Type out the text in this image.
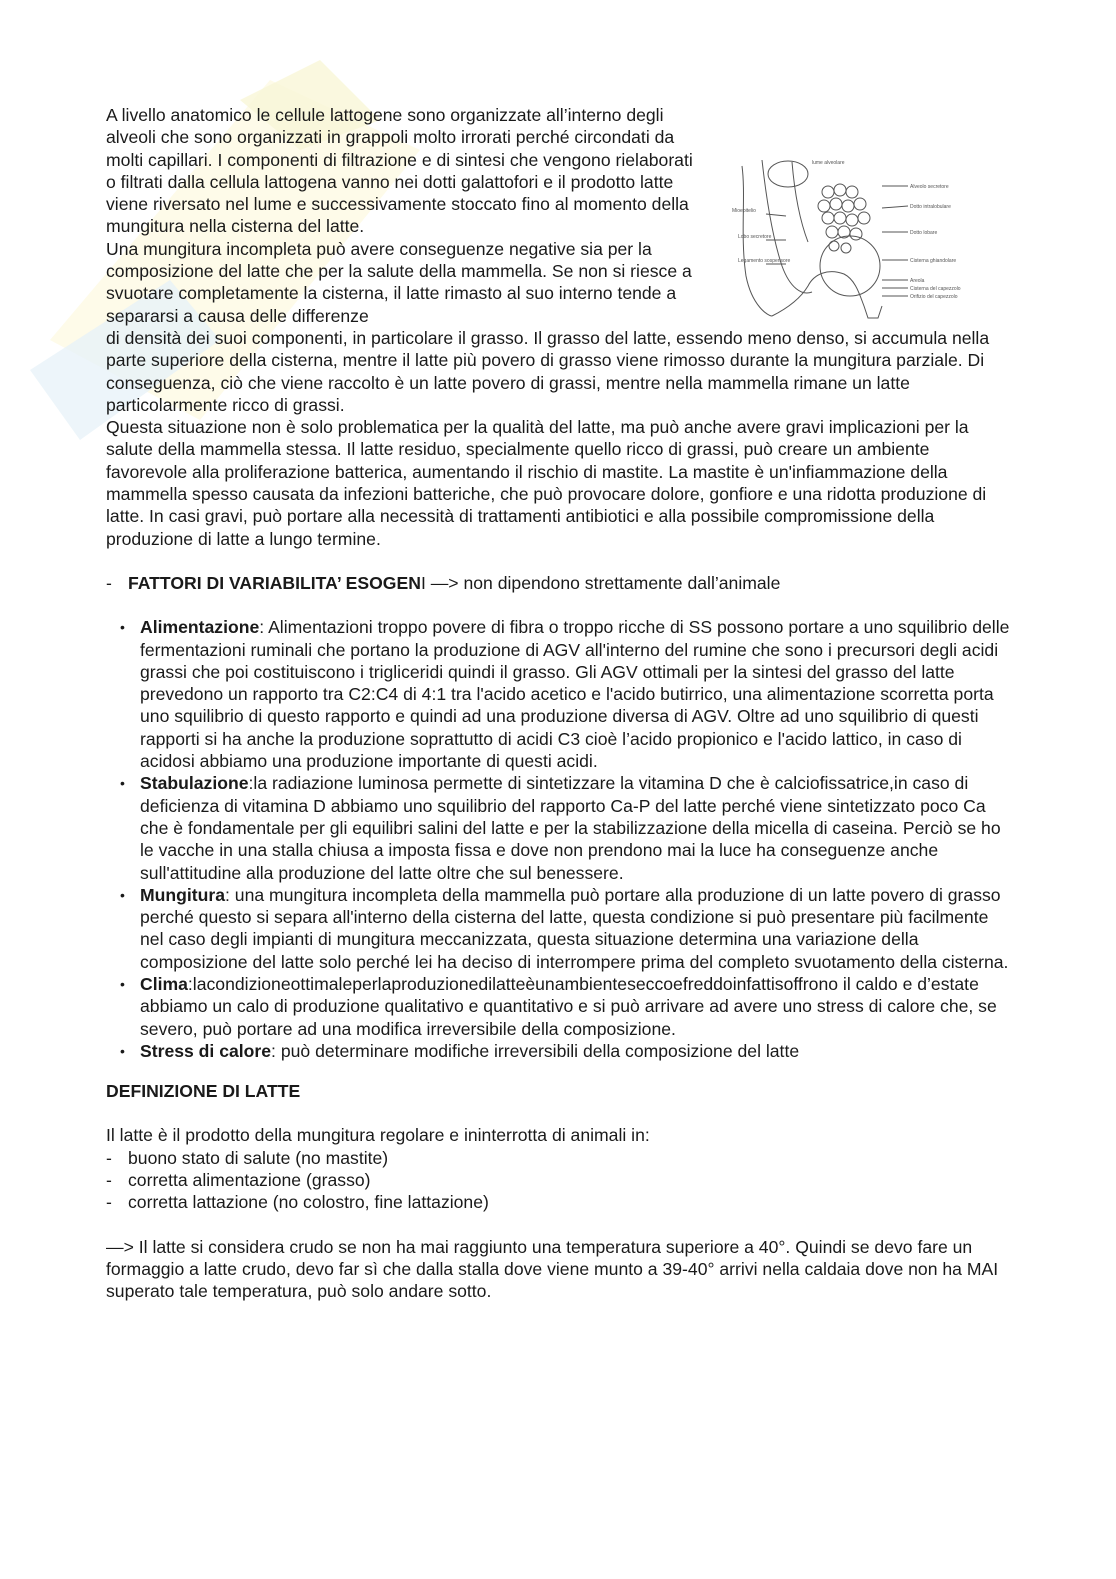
A livello anatomico le cellule lattogene sono organizzate all’interno degli alveoli che sono organizzati in grappoli molto irrorati perché circondati da molti capillari. I componenti di filtrazione e di sintesi che vengono rielaborati o filtrati dalla cellula lattogena vanno nei dotti galattofori e il prodotto latte viene riversato nel lume e successivamente stoccato fino al momento della mungitura nella cisterna del latte.

Una mungitura incompleta può avere conseguenze negative sia per la composizione del latte che per la salute della mammella. Se non si riesce a svuotare completamente la cisterna, il latte rimasto al suo interno tende a separarsi a causa delle differenze

di densità dei suoi componenti, in particolare il grasso. Il grasso del latte, essendo meno denso, si accumula nella parte superiore della cisterna, mentre il latte più povero di grasso viene rimosso durante la mungitura parziale. Di conseguenza, ciò che viene raccolto è un latte povero di grassi, mentre nella mammella rimane un latte particolarmente ricco di grassi.

Questa situazione non è solo problematica per la qualità del latte, ma può anche avere gravi implicazioni per la salute della mammella stessa. Il latte residuo, specialmente quello ricco di grassi, può creare un ambiente favorevole alla proliferazione batterica, aumentando il rischio di mastite. La mastite è un'infiammazione della mammella spesso causata da infezioni batteriche, che può provocare dolore, gonfiore e una ridotta produzione di latte. In casi gravi, può portare alla necessità di trattamenti antibiotici e alla possibile compromissione della produzione di latte a lungo termine.

lume alveolare
Alveolo secretore
Mioepitelio
Dotto intralobulare
Dotto lobare
Lobo secretore
Legamento sospensore	Cisterna ghiandolare
Areola
Cisterna del capezzolo
Orifizio del capezzolo
- FATTORI DI VARIABILITA’ ESOGENI —> non dipendono strettamente dall’animale
• Alimentazione: Alimentazioni troppo povere di fibra o troppo ricche di SS possono portare a uno squilibrio delle fermentazioni ruminali che portano la produzione di AGV all'interno del rumine che sono i precursori degli acidi grassi che poi costituiscono i trigliceridi quindi il grasso. Gli AGV ottimali per la sintesi del grasso del latte prevedono un rapporto tra C2:C4 di 4:1 tra l'acido acetico e l'acido butirrico, una alimentazione scorretta porta uno squilibrio di questo rapporto e quindi ad una produzione diversa di AGV. Oltre ad uno squilibrio di questi rapporti si ha anche la produzione soprattutto di acidi C3 cioè l’acido propionico e l'acido lattico, in caso di acidosi abbiamo una produzione importante di questi acidi.
• Stabulazione:la radiazione luminosa permette di sintetizzare la vitamina D che è calciofissatrice,in caso di deficienza di vitamina D abbiamo uno squilibrio del rapporto Ca-P del latte perché viene sintetizzato poco Ca che è fondamentale per gli equilibri salini del latte e per la stabilizzazione della micella di caseina. Perciò se ho le vacche in una stalla chiusa a imposta fissa e dove non prendono mai la luce ha conseguenze anche sull'attitudine alla produzione del latte oltre che sul benessere.
• Mungitura: una mungitura incompleta della mammella può portare alla produzione di un latte povero di grasso perché questo si separa all'interno della cisterna del latte, questa condizione si può presentare più facilmente nel caso degli impianti di mungitura meccanizzata, questa situazione determina una variazione della composizione del latte solo perché lei ha deciso di interrompere prima del completo svuotamento della cisterna.
• Clima:lacondizioneottimaleperlaproduzionedilatteèunambienteseccoefreddoinfattisoffrono il caldo e d’estate abbiamo un calo di produzione qualitativo e quantitativo e si può arrivare ad avere uno stress di calore che, se severo, può portare ad una modifica irreversibile della composizione.
• Stress di calore: può determinare modifiche irreversibili della composizione del latte

DEFINIZIONE DI LATTE

Il latte è il prodotto della mungitura regolare e ininterrotta di animali in:

- buono stato di salute (no mastite)
- corretta alimentazione (grasso)
- corretta lattazione (no colostro, fine lattazione)

—> Il latte si considera crudo se non ha mai raggiunto una temperatura superiore a 40°. Quindi se devo fare un formaggio a latte crudo, devo far sì che dalla stalla dove viene munto a 39-40° arrivi nella caldaia dove non ha MAI superato tale temperatura, può solo andare sotto.
